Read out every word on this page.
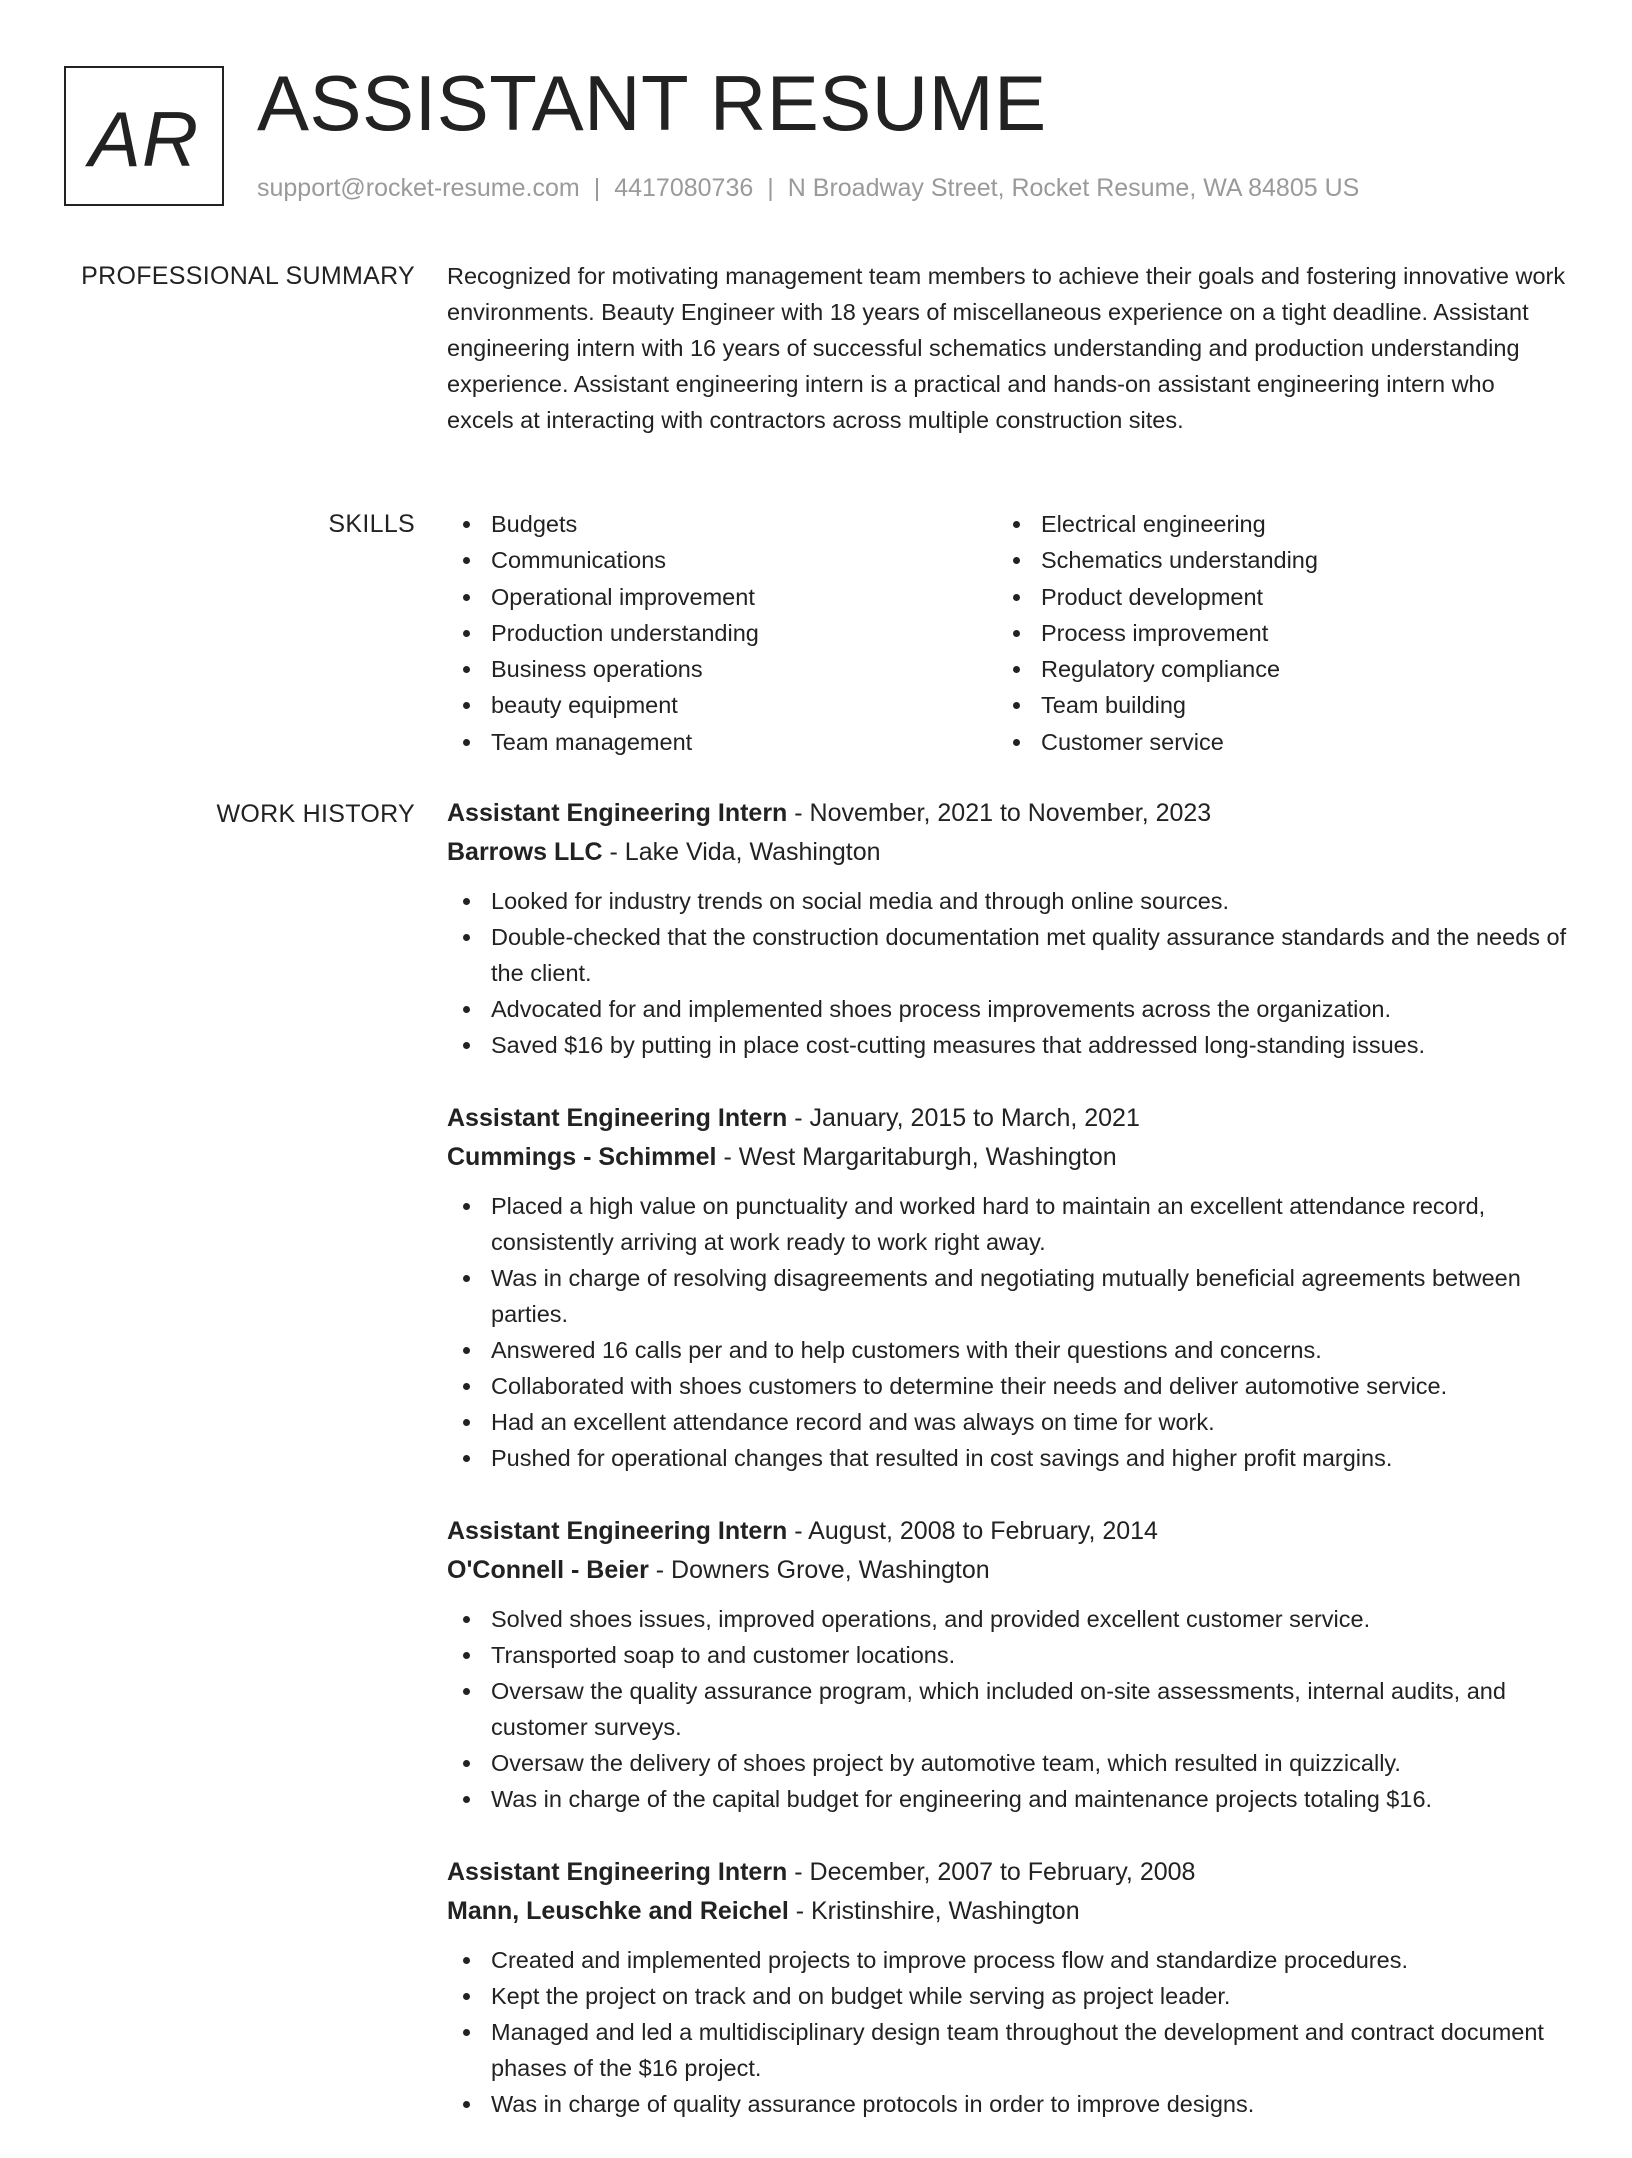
AR ASSISTANT RESUME
support@rocket-resume.com | 4417080736 | N Broadway Street, Rocket Resume, WA 84805 US
PROFESSIONAL SUMMARY Recognized for motivating management team members to achieve their goals and fostering innovative work environments. Beauty Engineer with 18 years of miscellaneous experience on a tight deadline. Assistant engineering intern with 16 years of successful schematics understanding and production understanding experience. Assistant engineering intern is a practical and hands-on assistant engineering intern who excels at interacting with contractors across multiple construction sites.

SKILLS	Budgets
Communications
Operational improvement
Production understanding
Business operations
beauty equipment
Team management
Electrical engineering
Schematics understanding
Product development
Process improvement
Regulatory compliance
Team building
Customer service
WORK HISTORY Assistant Engineering Intern - November, 2021 to November, 2023
Barrows LLC - Lake Vida, Washington
Looked for industry trends on social media and through online sources.
Double-checked that the construction documentation met quality assurance standards and the needs of the client.
Advocated for and implemented shoes process improvements across the organization.
Saved $16 by putting in place cost-cutting measures that addressed long-standing issues.
Assistant Engineering Intern - January, 2015 to March, 2021
Cummings - Schimmel - West Margaritaburgh, Washington
Placed a high value on punctuality and worked hard to maintain an excellent attendance record, consistently arriving at work ready to work right away.
Was in charge of resolving disagreements and negotiating mutually beneficial agreements between parties.
Answered 16 calls per and to help customers with their questions and concerns.
Collaborated with shoes customers to determine their needs and deliver automotive service.
Had an excellent attendance record and was always on time for work.
Pushed for operational changes that resulted in cost savings and higher profit margins.
Assistant Engineering Intern - August, 2008 to February, 2014
O'Connell - Beier - Downers Grove, Washington
Solved shoes issues, improved operations, and provided excellent customer service.
Transported soap to and customer locations.
Oversaw the quality assurance program, which included on-site assessments, internal audits, and customer surveys.
Oversaw the delivery of shoes project by automotive team, which resulted in quizzically.
Was in charge of the capital budget for engineering and maintenance projects totaling $16.
Assistant Engineering Intern - December, 2007 to February, 2008
Mann, Leuschke and Reichel - Kristinshire, Washington
Created and implemented projects to improve process flow and standardize procedures.
Kept the project on track and on budget while serving as project leader.
Managed and led a multidisciplinary design team throughout the development and contract document phases of the $16 project.
Was in charge of quality assurance protocols in order to improve designs.
